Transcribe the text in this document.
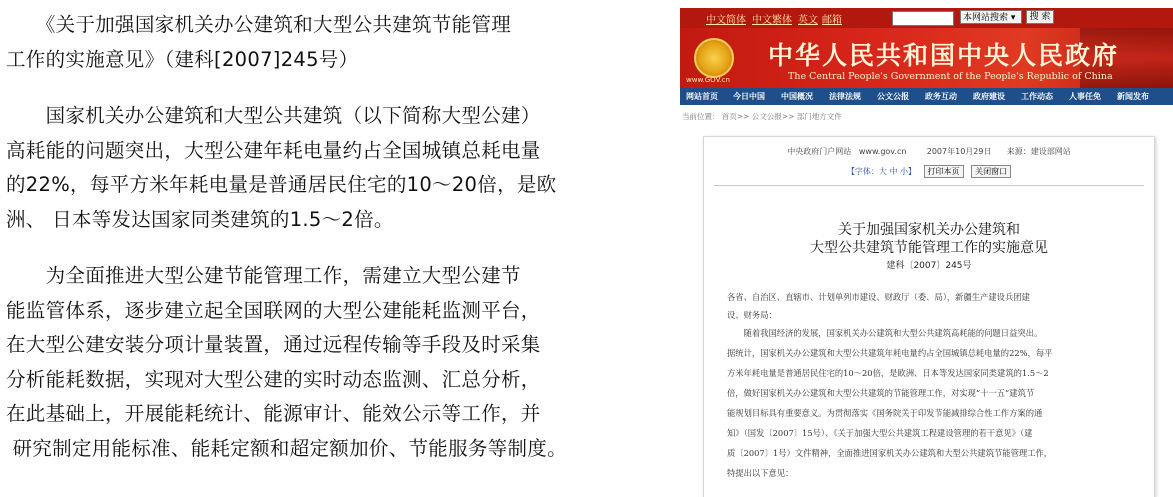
　　《关于加强国家机关办公建筑和大型公共建筑节能管理
工作的实施意见》（建科[2007]245号）

　　国家机关办公建筑和大型公共建筑（以下简称大型公建）
高耗能的问题突出，大型公建年耗电量约占全国城镇总耗电量
的22%，每平方米年耗电量是普通居民住宅的10～20倍，是欧
洲、 日本等发达国家同类建筑的1.5～2倍。

　　为全面推进大型公建节能管理工作，需建立大型公建节
能监管体系，逐步建立起全国联网的大型公建能耗监测平台，
在大型公建安装分项计量装置，通过远程传输等手段及时采集
分析能耗数据，实现对大型公建的实时动态监测、汇总分析，
在此基础上，开展能耗统计、能源审计、能效公示等工作，并
研究制定用能标准、能耗定额和超定额加价、节能服务等制度。

中文简体 中文繁体 英文 邮箱	本网站搜索 ▾	搜 索
中华人民共和国中央人民政府
The Central People's Government of the People's Republic of China
www.GOV.cn
网站首页 今日中国 中国概况 法律法规 公文公报 政务互动 政府建设 工作动态 人事任免 新闻发布
当前位置： 首页>> 公文公报>> 部门地方文件
中央政府门户网站   www.gov.cn        2007年10月29日      来源：建设部网站
【字体：大 中 小】 打印本页 关闭窗口
关于加强国家机关办公建筑和
大型公共建筑节能管理工作的实施意见
建科〔2007〕245号
各省、自治区、直辖市、计划单列市建设、财政厅（委、局），新疆生产建设兵团建
设、财务局：
　　随着我国经济的发展，国家机关办公建筑和大型公共建筑高耗能的问题日益突出。
据统计，国家机关办公建筑和大型公共建筑年耗电量约占全国城镇总耗电量的22%，每平
方米年耗电量是普通居民住宅的10～20倍，是欧洲、日本等发达国家同类建筑的1.5～2
倍，做好国家机关办公建筑和大型公共建筑的节能管理工作，对实现“十一五”建筑节
能规划目标具有重要意义。为贯彻落实《国务院关于印发节能减排综合性工作方案的通
知》（国发〔2007〕15号）、《关于加强大型公共建筑工程建设管理的若干意见》（建
质〔2007〕1号）文件精神，全面推进国家机关办公建筑和大型公共建筑节能管理工作，
特提出以下意见：
